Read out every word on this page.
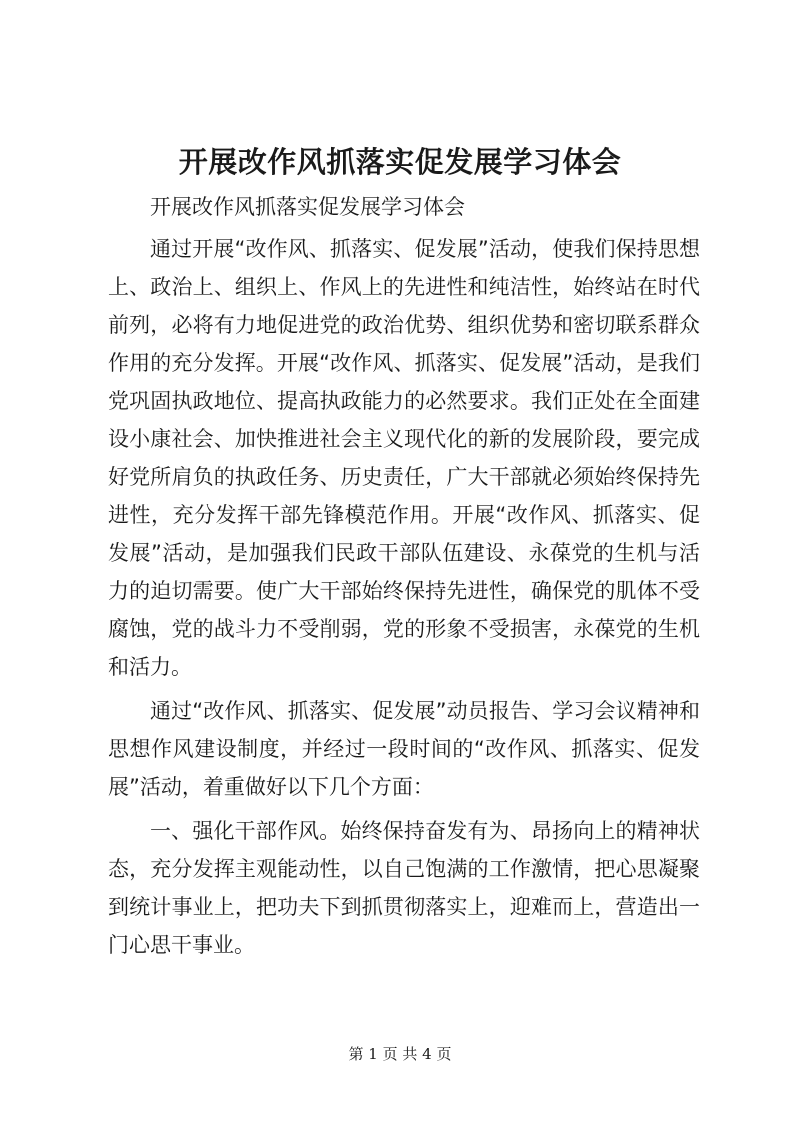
开展改作风抓落实促发展学习体会

开展改作风抓落实促发展学习体会

通过开展“改作风、抓落实、促发展”活动，使我们保持思想上、政治上、组织上、作风上的先进性和纯洁性，始终站在时代前列，必将有力地促进党的政治优势、组织优势和密切联系群众作用的充分发挥。开展“改作风、抓落实、促发展”活动，是我们党巩固执政地位、提高执政能力的必然要求。我们正处在全面建设小康社会、加快推进社会主义现代化的新的发展阶段，要完成好党所肩负的执政任务、历史责任，广大干部就必须始终保持先进性，充分发挥干部先锋模范作用。开展“改作风、抓落实、促发展”活动，是加强我们民政干部队伍建设、永葆党的生机与活力的迫切需要。使广大干部始终保持先进性，确保党的肌体不受腐蚀，党的战斗力不受削弱，党的形象不受损害，永葆党的生机和活力。

通过“改作风、抓落实、促发展”动员报告、学习会议精神和思想作风建设制度，并经过一段时间的“改作风、抓落实、促发展”活动，着重做好以下几个方面：

一、强化干部作风。始终保持奋发有为、昂扬向上的精神状态，充分发挥主观能动性，以自己饱满的工作激情，把心思凝聚到统计事业上，把功夫下到抓贯彻落实上，迎难而上，营造出一门心思干事业。

第 1 页 共 4 页
